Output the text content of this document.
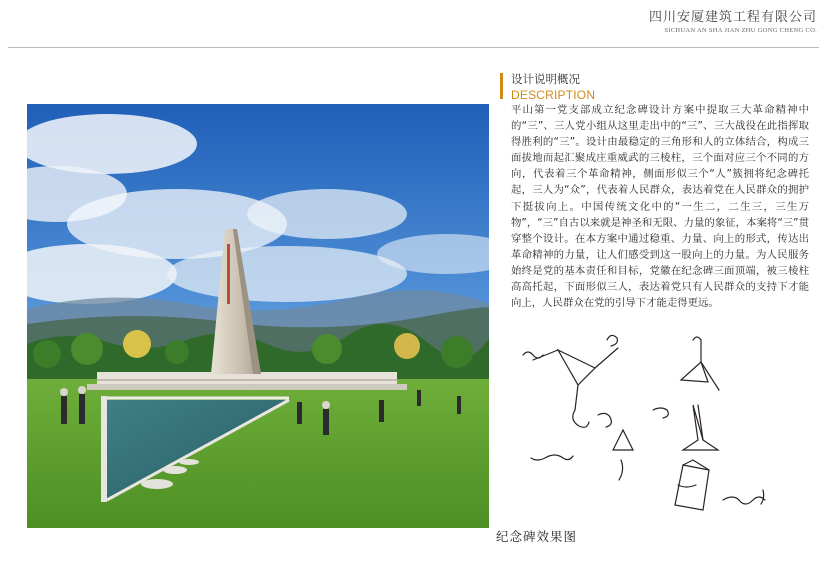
四川安厦建筑工程有限公司
SICHUAN AN SHA JIAN ZHU GONG CHENG CO.
纪念碑效果图
设计说明概况
DESCRIPTION
平山第一党支部成立纪念碑设计方案中提取三大革命精神中的“三”、三人党小组从这里走出中的“三”、三大战役在此指挥取得胜利的“三”。设计由最稳定的三角形和人的立体结合，构成三面拔地而起汇聚成庄重威武的三棱柱，三个面对应三个不同的方向，代表着三个革命精神，侧面形似三个“人”簇拥将纪念碑托起，三人为“众”，代表着人民群众，表达着党在人民群众的拥护下挺拔向上。中国传统文化中的“一生二，二生三，三生万物”，“三”自古以来就是神圣和无限、力量的象征，本案将“三”贯穿整个设计。在本方案中通过稳重、力量、向上的形式，传达出革命精神的力量，让人们感受到这一股向上的力量。为人民服务始终是党的基本责任和目标，党徽在纪念碑三面顶端，被三棱柱高高托起，下面形似三人，表达着党只有人民群众的支持下才能向上，人民群众在党的引导下才能走得更远。
